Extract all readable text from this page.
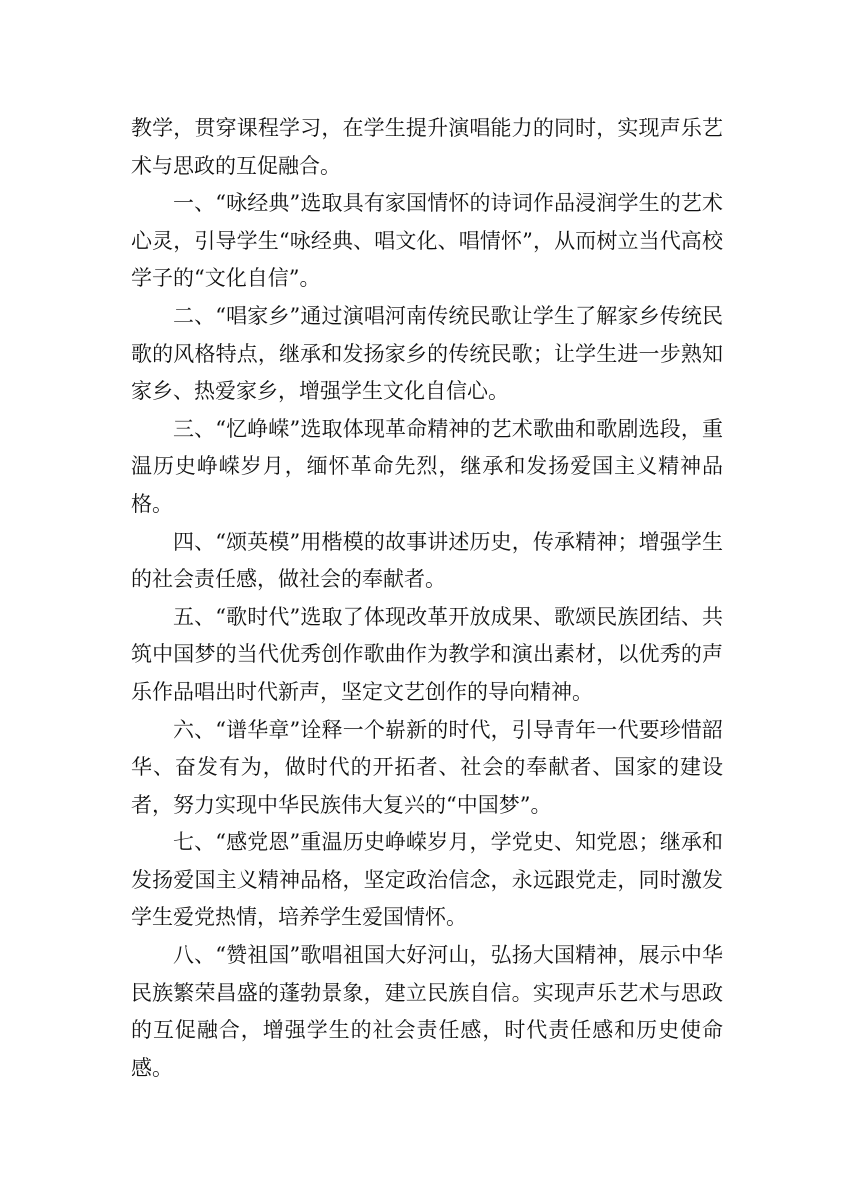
教学，贯穿课程学习，在学生提升演唱能力的同时，实现声乐艺术与思政的互促融合。

一、“咏经典”选取具有家国情怀的诗词作品浸润学生的艺术心灵，引导学生“咏经典、唱文化、唱情怀”，从而树立当代高校学子的“文化自信”。

二、“唱家乡”通过演唱河南传统民歌让学生了解家乡传统民歌的风格特点，继承和发扬家乡的传统民歌；让学生进一步熟知家乡、热爱家乡，增强学生文化自信心。

三、“忆峥嵘”选取体现革命精神的艺术歌曲和歌剧选段，重温历史峥嵘岁月，缅怀革命先烈，继承和发扬爱国主义精神品格。

四、“颂英模”用楷模的故事讲述历史，传承精神；增强学生的社会责任感，做社会的奉献者。

五、“歌时代”选取了体现改革开放成果、歌颂民族团结、共筑中国梦的当代优秀创作歌曲作为教学和演出素材，以优秀的声乐作品唱出时代新声，坚定文艺创作的导向精神。

六、“谱华章”诠释一个崭新的时代，引导青年一代要珍惜韶华、奋发有为，做时代的开拓者、社会的奉献者、国家的建设者，努力实现中华民族伟大复兴的“中国梦”。

七、“感党恩”重温历史峥嵘岁月，学党史、知党恩；继承和发扬爱国主义精神品格，坚定政治信念，永远跟党走，同时激发学生爱党热情，培养学生爱国情怀。

八、“赞祖国”歌唱祖国大好河山，弘扬大国精神，展示中华民族繁荣昌盛的蓬勃景象，建立民族自信。实现声乐艺术与思政的互促融合，增强学生的社会责任感，时代责任感和历史使命感。
